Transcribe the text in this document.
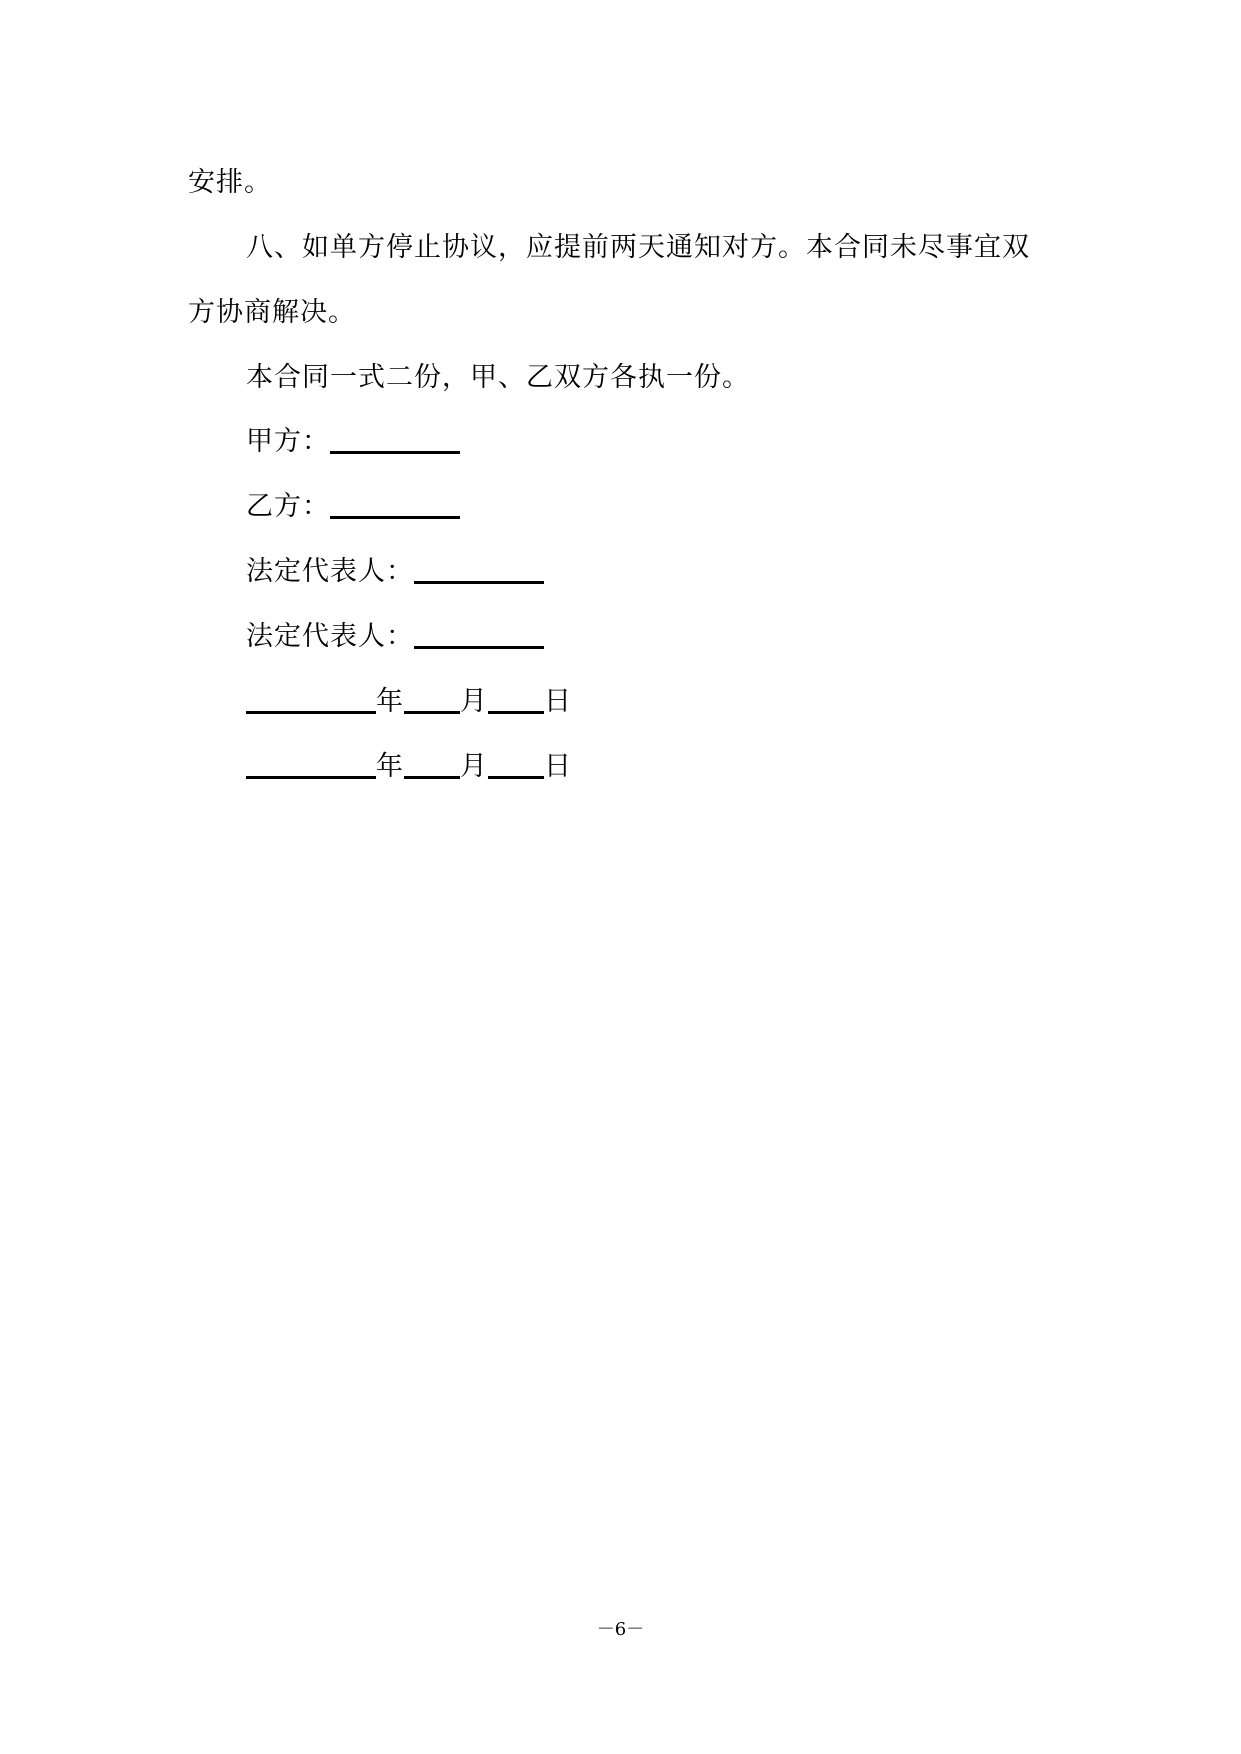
安排。
八、如单方停止协议，应提前两天通知对方。本合同未尽事宜双
方协商解决。
本合同一式二份，甲、乙双方各执一份。
甲方：
乙方：
法定代表人：
法定代表人：
年 月 日
年 月 日
－6－
